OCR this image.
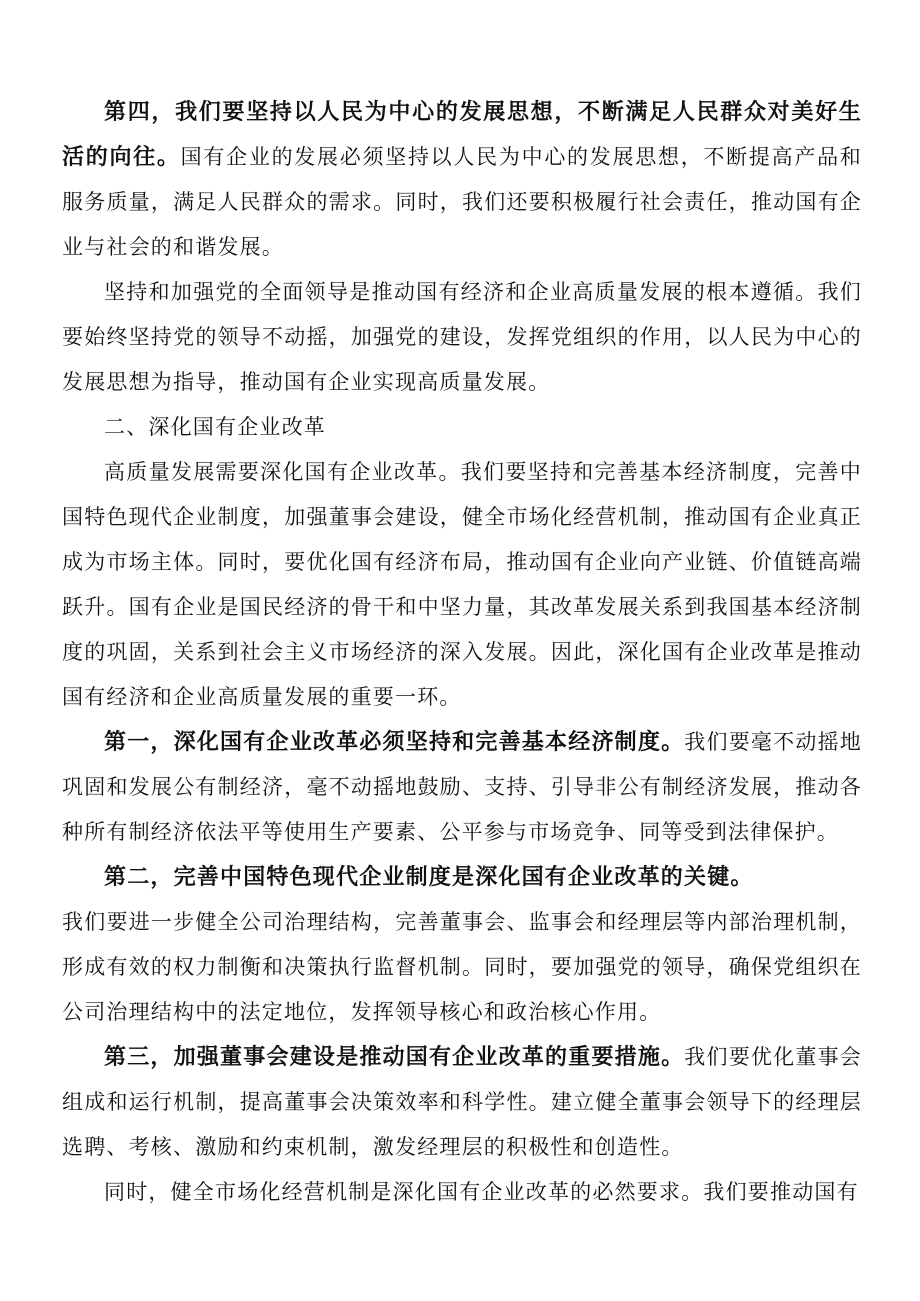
第四，我们要坚持以人民为中心的发展思想，不断满足人民群众对美好生活的向往。国有企业的发展必须坚持以人民为中心的发展思想，不断提高产品和服务质量，满足人民群众的需求。同时，我们还要积极履行社会责任，推动国有企业与社会的和谐发展。

坚持和加强党的全面领导是推动国有经济和企业高质量发展的根本遵循。我们要始终坚持党的领导不动摇，加强党的建设，发挥党组织的作用，以人民为中心的发展思想为指导，推动国有企业实现高质量发展。

二、深化国有企业改革

高质量发展需要深化国有企业改革。我们要坚持和完善基本经济制度，完善中国特色现代企业制度，加强董事会建设，健全市场化经营机制，推动国有企业真正成为市场主体。同时，要优化国有经济布局，推动国有企业向产业链、价值链高端跃升。国有企业是国民经济的骨干和中坚力量，其改革发展关系到我国基本经济制度的巩固，关系到社会主义市场经济的深入发展。因此，深化国有企业改革是推动国有经济和企业高质量发展的重要一环。

第一，深化国有企业改革必须坚持和完善基本经济制度。我们要毫不动摇地巩固和发展公有制经济，毫不动摇地鼓励、支持、引导非公有制经济发展，推动各种所有制经济依法平等使用生产要素、公平参与市场竞争、同等受到法律保护。

第二，完善中国特色现代企业制度是深化国有企业改革的关键。

我们要进一步健全公司治理结构，完善董事会、监事会和经理层等内部治理机制，形成有效的权力制衡和决策执行监督机制。同时，要加强党的领导，确保党组织在公司治理结构中的法定地位，发挥领导核心和政治核心作用。

第三，加强董事会建设是推动国有企业改革的重要措施。我们要优化董事会组成和运行机制，提高董事会决策效率和科学性。建立健全董事会领导下的经理层选聘、考核、激励和约束机制，激发经理层的积极性和创造性。

同时，健全市场化经营机制是深化国有企业改革的必然要求。我们要推动国有
